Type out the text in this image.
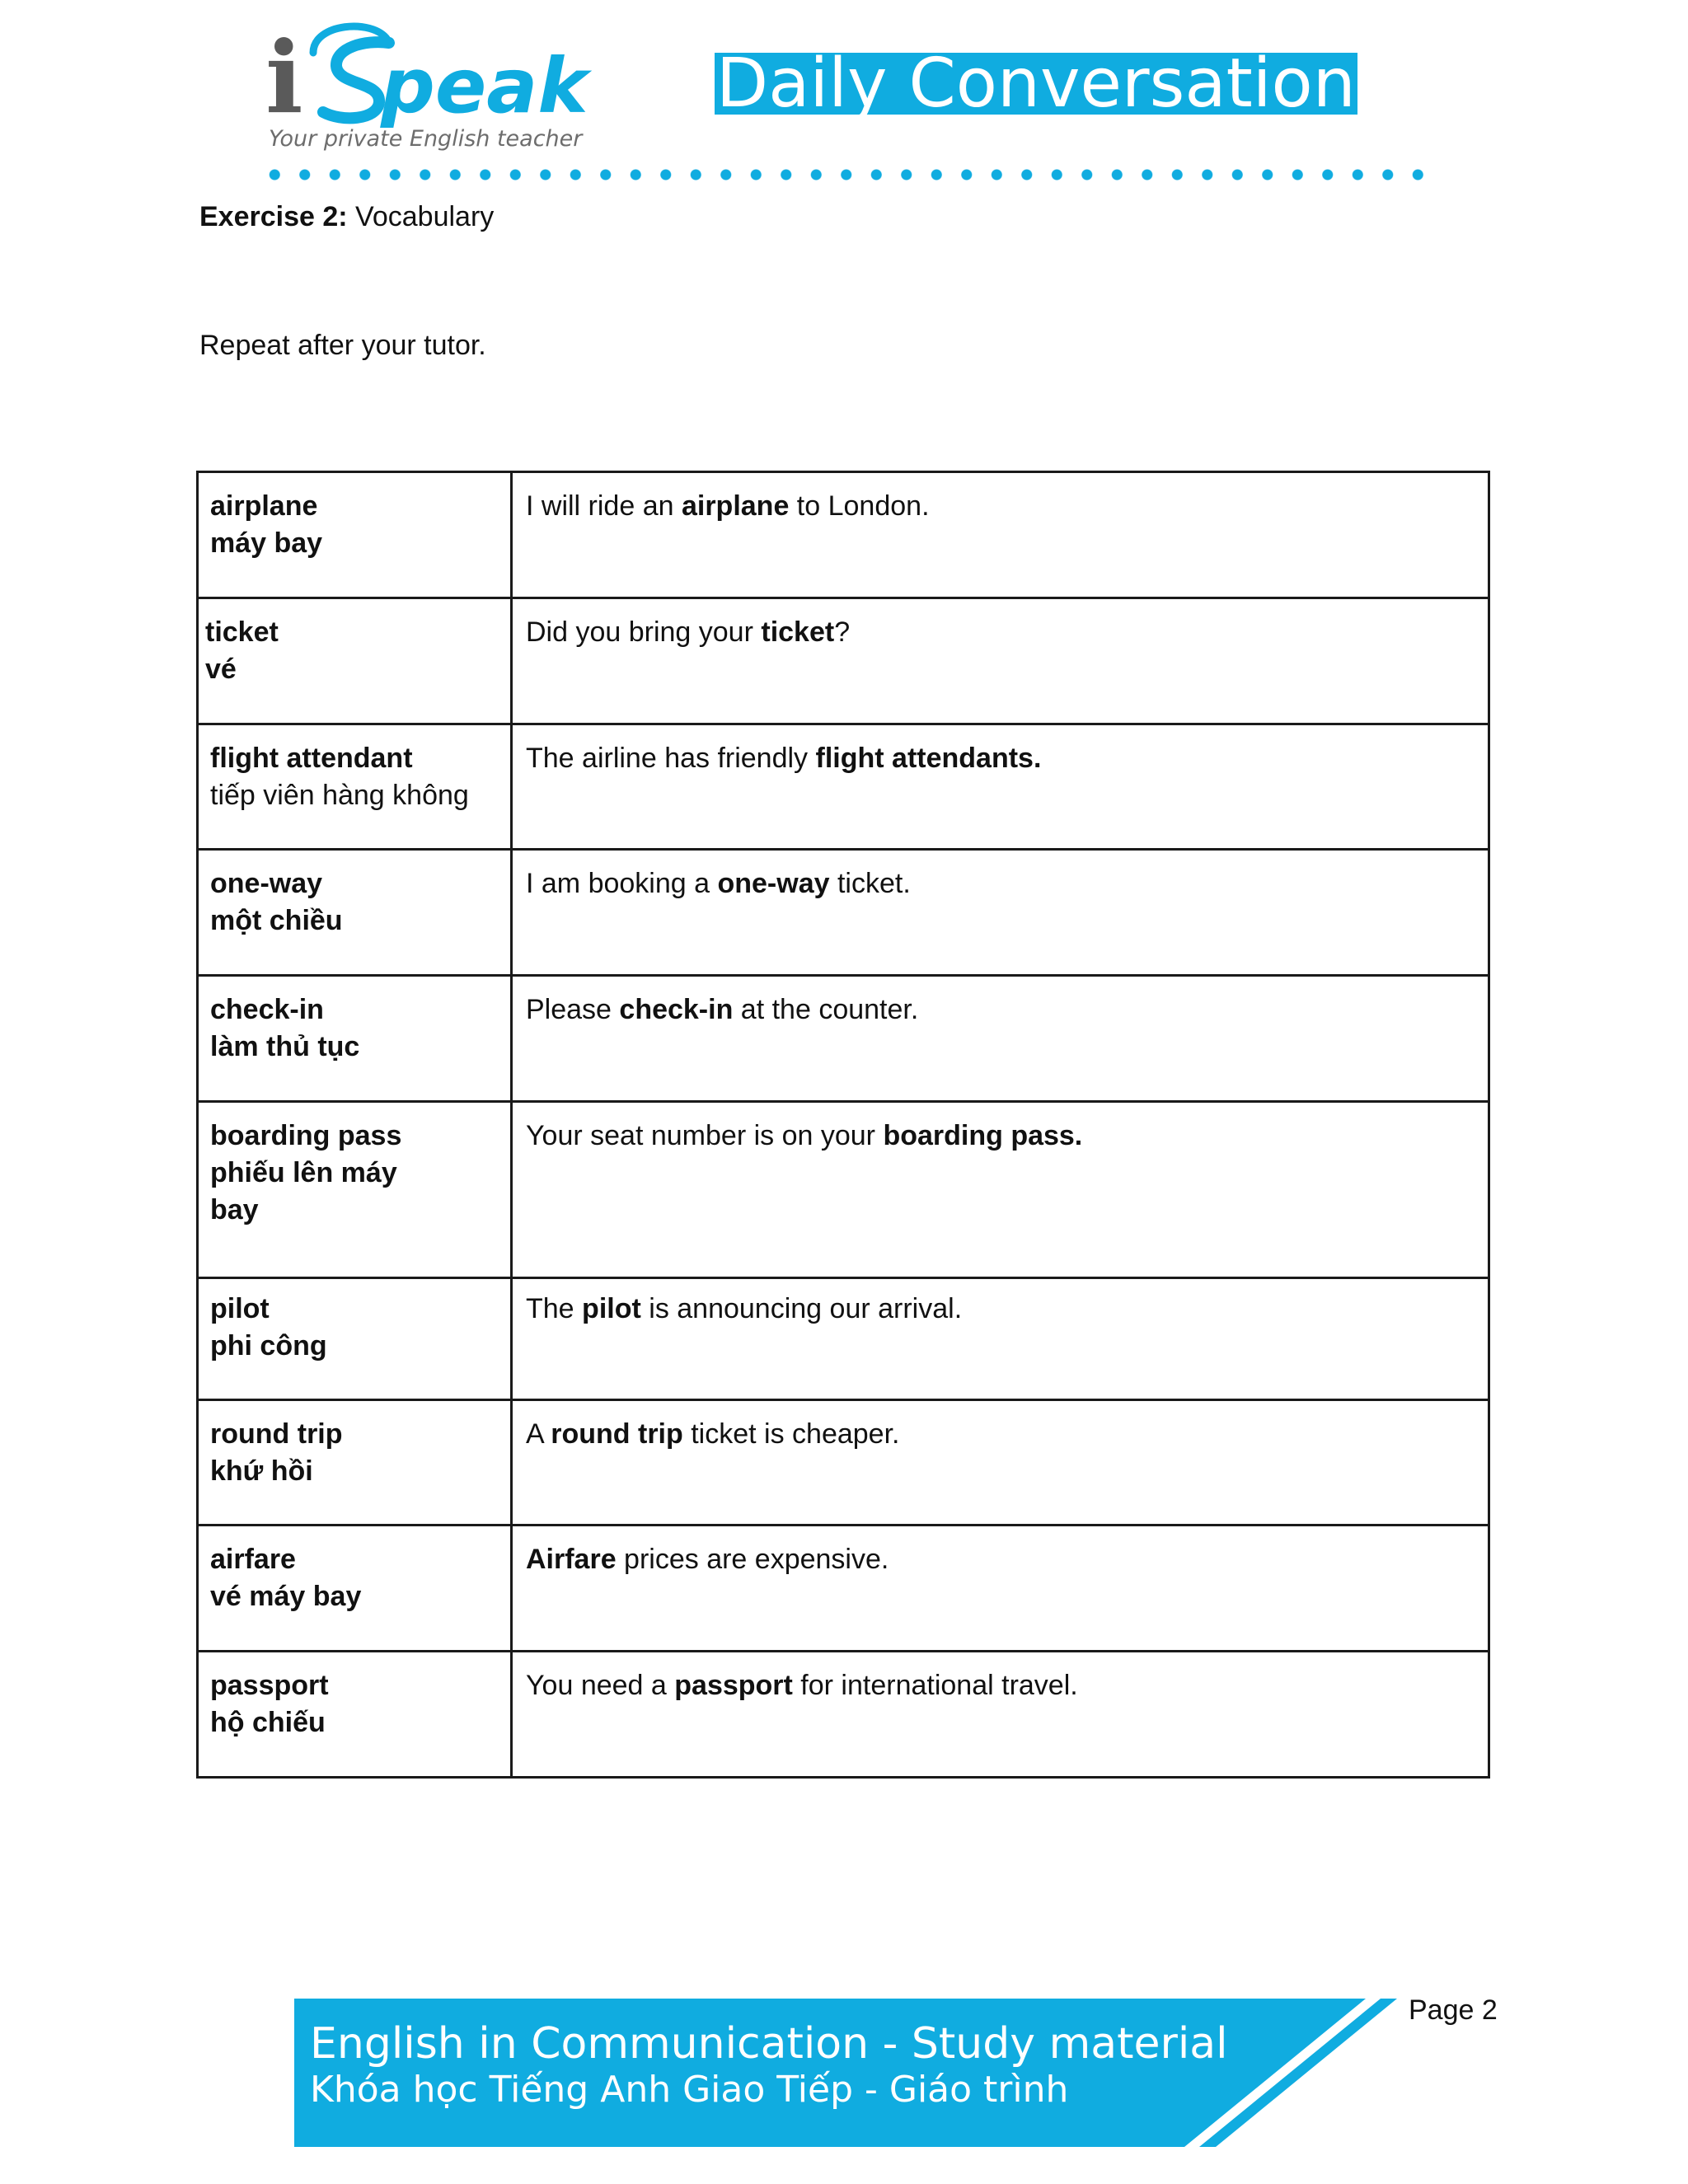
i peak
Your private English teacher
Daily Conversation
Exercise 2: Vocabulary
Repeat after your tutor.
airplane
máy bay	I will ride an airplane to London.

ticket
vé	Did you bring your ticket?

flight attendant
tiếp viên hàng không	The airline has friendly flight attendants.

one-way
một chiều	I am booking a one-way ticket.

check-in
làm thủ tục	Please check-in at the counter.

boarding pass
phiếu lên máy bay	Your seat number is on your boarding pass.

pilot
phi công	The pilot is announcing our arrival.

round trip
khứ hồi	A round trip ticket is cheaper.

airfare
vé máy bay	Airfare prices are expensive.

passport
hộ chiếu	You need a passport for international travel.
Page 2
English in Communication - Study material
Khóa học Tiếng Anh Giao Tiếp - Giáo trình
